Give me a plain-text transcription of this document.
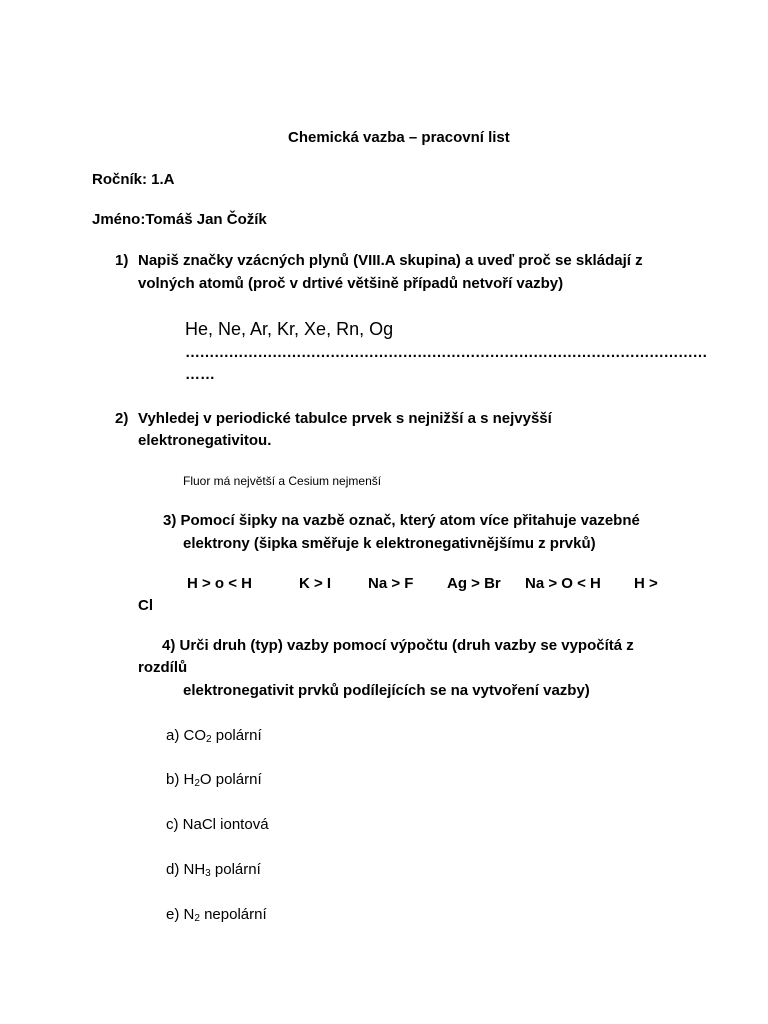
Chemická vazba – pracovní list
Ročník: 1.A
Jméno:Tomáš Jan Čožík
1) Napiš značky vzácných plynů (VIII.A skupina) a uveď proč se skládají z
volných atomů (proč v drtivé většině případů netvoří vazby)
He, Ne, Ar, Kr, Xe, Rn, Og
………………………………………………………………………………………………
……
2) Vyhledej v periodické tabulce prvek s nejnižší a s nejvyšší
elektronegativitou.
Fluor má největší a Cesium nejmenší
3) Pomocí šipky na vazbě označ, který atom více přitahuje vazebné
elektrony (šipka směřuje k elektronegativnějšímu z prvků)
H > o < H	K > I Na > F Ag > Br Na > O < H H >
Cl
4) Urči druh (typ) vazby pomocí výpočtu (druh vazby se vypočítá z
rozdílů
elektronegativit prvků podílejících se na vytvoření vazby)
a) $CO_2$ polární
b) $H_2O$ polární
c) NaCl iontová
d) $NH_3$ polární
e) $N_2$ nepolární
